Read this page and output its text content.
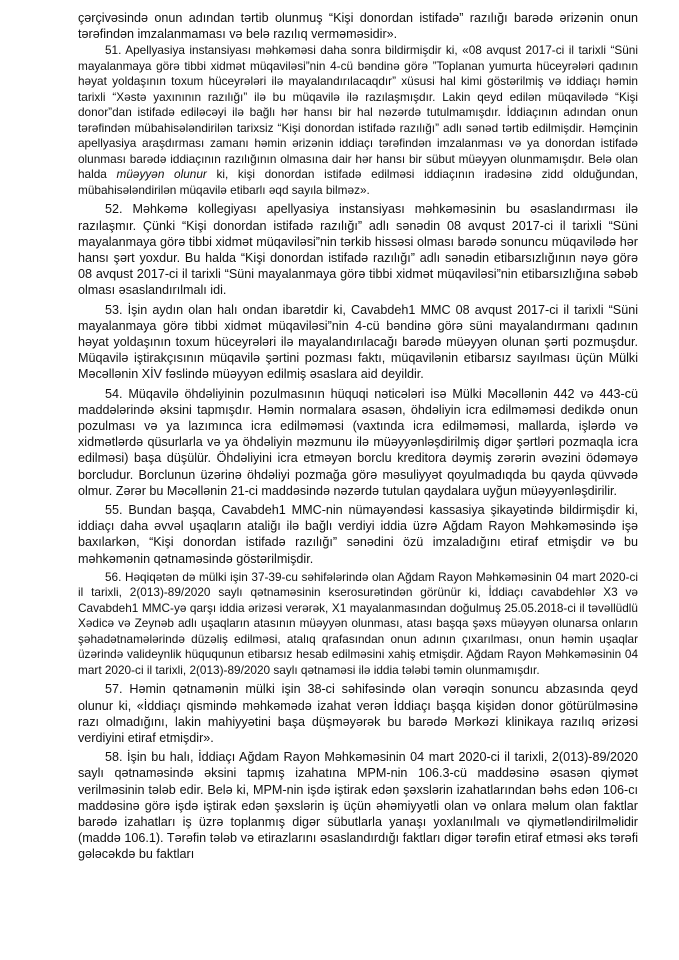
çərçivəsində onun adından tərtib olunmuş “Kişi donordan istifadə” razılığı barədə ərizənin onun tərəfindən imzalanmaması və belə razılıq verməməsidir».

51. Apellyasiya instansiyası məhkəməsi daha sonra bildirmişdir ki, «08 avqust 2017-ci il tarixli “Süni mayalanmaya görə tibbi xidmət müqaviləsi”nin 4-cü bəndinə görə ”Toplanan yumurta hüceyrələri qadının həyat yoldaşının toxum hüceyrələri ilə mayalandırılacaqdır” xüsusi hal kimi göstərilmiş və iddiaçı həmin tarixli “Xəstə yaxınının razılığı” ilə bu müqavilə ilə razılaşmışdır. Lakin qeyd edilən müqavilədə “Kişi donor”dan istifadə ediləcəyi ilə bağlı hər hansı bir hal nəzərdə tutulmamışdır. İddiaçının adından onun tərəfindən mübahisələndirilən tarixsiz “Kişi donordan istifadə razılığı” adlı sənəd tərtib edilmişdir. Həmçinin apellyasiya araşdırması zamanı həmin ərizənin iddiaçı tərəfindən imzalanması və ya donordan istifadə olunması barədə iddiaçının razılığının olmasına dair hər hansı bir sübut müəyyən olunmamışdır. Belə olan halda müəyyən olunur ki, kişi donordan istifadə edilməsi iddiaçının iradəsinə zidd olduğundan, mübahisələndirilən müqavilə etibarlı əqd sayıla bilməz».

52. Məhkəmə kollegiyası apellyasiya instansiyası məhkəməsinin bu əsaslandırması ilə razılaşmır. Çünki “Kişi donordan istifadə razılığı” adlı sənədin 08 avqust 2017-ci il tarixli “Süni mayalanmaya görə tibbi xidmət müqaviləsi”nin tərkib hissəsi olması barədə sonuncu müqavilədə hər hansı şərt yoxdur. Bu halda “Kişi donordan istifadə razılığı” adlı sənədin etibarsızlığının nəyə görə 08 avqust 2017-ci il tarixli “Süni mayalanmaya görə tibbi xidmət müqaviləsi”nin etibarsızlığına səbəb olması əsaslandırılmalı idi.

53. İşin aydın olan halı ondan ibarətdir ki, Cavabdeh1 MMC 08 avqust 2017-ci il tarixli “Süni mayalanmaya görə tibbi xidmət müqaviləsi”nin 4-cü bəndinə görə süni mayalandırmanı qadının həyat yoldaşının toxum hüceyrələri ilə mayalandırılacağı barədə müəyyən olunan şərti pozmuşdur. Müqavilə iştirakçısının müqavilə şərtini pozması faktı, müqavilənin etibarsız sayılması üçün Mülki Məcəllənin XİV fəslində müəyyən edilmiş əsaslara aid deyildir.

54. Müqavilə öhdəliyinin pozulmasının hüquqi nəticələri isə Mülki Məcəllənin 442 və 443-cü maddələrində əksini tapmışdır. Həmin normalara əsasən, öhdəliyin icra edilməməsi dedikdə onun pozulması və ya lazımınca icra edilməməsi (vaxtında icra edilməməsi, mallarda, işlərdə və xidmətlərdə qüsurlarla və ya öhdəliyin məzmunu ilə müəyyənləşdirilmiş digər şərtləri pozmaqla icra edilməsi) başa düşülür. Öhdəliyini icra etməyən borclu kreditora dəymiş zərərin əvəzini ödəməyə borcludur. Borclunun üzərinə öhdəliyi pozmağa görə məsuliyyət qoyulmadıqda bu qayda qüvvədə olmur. Zərər bu Məcəllənin 21-ci maddəsində nəzərdə tutulan qaydalara uyğun müəyyənləşdirilir.

55. Bundan başqa, Cavabdeh1 MMC-nin nümayəndəsi kassasiya şikayətində bildirmişdir ki, iddiaçı daha əvvəl uşaqların ataliğı ilə bağlı verdiyi iddia üzrə Ağdam Rayon Məhkəməsində işə baxılarkən, “Kişi donordan istifadə razılığı” sənədini özü imzaladığını etiraf etmişdir və bu məhkəmənin qətnaməsində göstərilmişdir.

56. Həqiqətən də mülki işin 37-39-cu səhifələrində olan Ağdam Rayon Məhkəməsinin 04 mart 2020-ci il tarixli, 2(013)-89/2020 saylı qətnaməsinin kserosurətindən görünür ki, İddiaçı cavabdehlər X3 və Cavabdeh1 MMC-yə qarşı iddia ərizəsi verərək, X1 mayalanmasından doğulmuş 25.05.2018-ci il təvəllüdlü Xədicə və Zeynəb adlı uşaqların atasının müəyyən olunması, atası başqa şəxs müəyyən olunarsa onların şəhadətnamələrində düzəliş edilməsi, atalıq qrafasından onun adının çıxarılması, onun həmin uşaqlar üzərində valideynlik hüququnun etibarsız hesab edilməsini xahiş etmişdir. Ağdam Rayon Məhkəməsinin 04 mart 2020-ci il tarixli, 2(013)-89/2020 saylı qətnaməsi ilə iddia tələbi təmin olunmamışdır.

57. Həmin qətnamənin mülki işin 38-ci səhifəsində olan vərəqin sonuncu abzasında qeyd olunur ki, «İddiaçı qismində məhkəmədə izahat verən İddiaçı başqa kişidən donor götürülməsinə razı olmadığını, lakin mahiyyətini başa düşməyərək bu barədə Mərkəzi klinikaya razılıq ərizəsi verdiyini etiraf etmişdir».

58. İşin bu halı, İddiaçı Ağdam Rayon Məhkəməsinin 04 mart 2020-ci il tarixli, 2(013)-89/2020 saylı qətnaməsində əksini tapmış izahatına MPM-nin 106.3-cü maddəsinə əsasən qiymət verilməsinin tələb edir. Belə ki, MPM-nin işdə iştirak edən şəxslərin izahatlarından bəhs edən 106-cı maddəsinə görə işdə iştirak edən şəxslərin iş üçün əhəmiyyətli olan və onlara məlum olan faktlar barədə izahatları iş üzrə toplanmış digər sübutlarla yanaşı yoxlanılmalı və qiymətləndirilməlidir (maddə 106.1). Tərəfin tələb və etirazlarını əsaslandırdığı faktları digər tərəfin etiraf etməsi əks tərəfi gələcəkdə bu faktları
